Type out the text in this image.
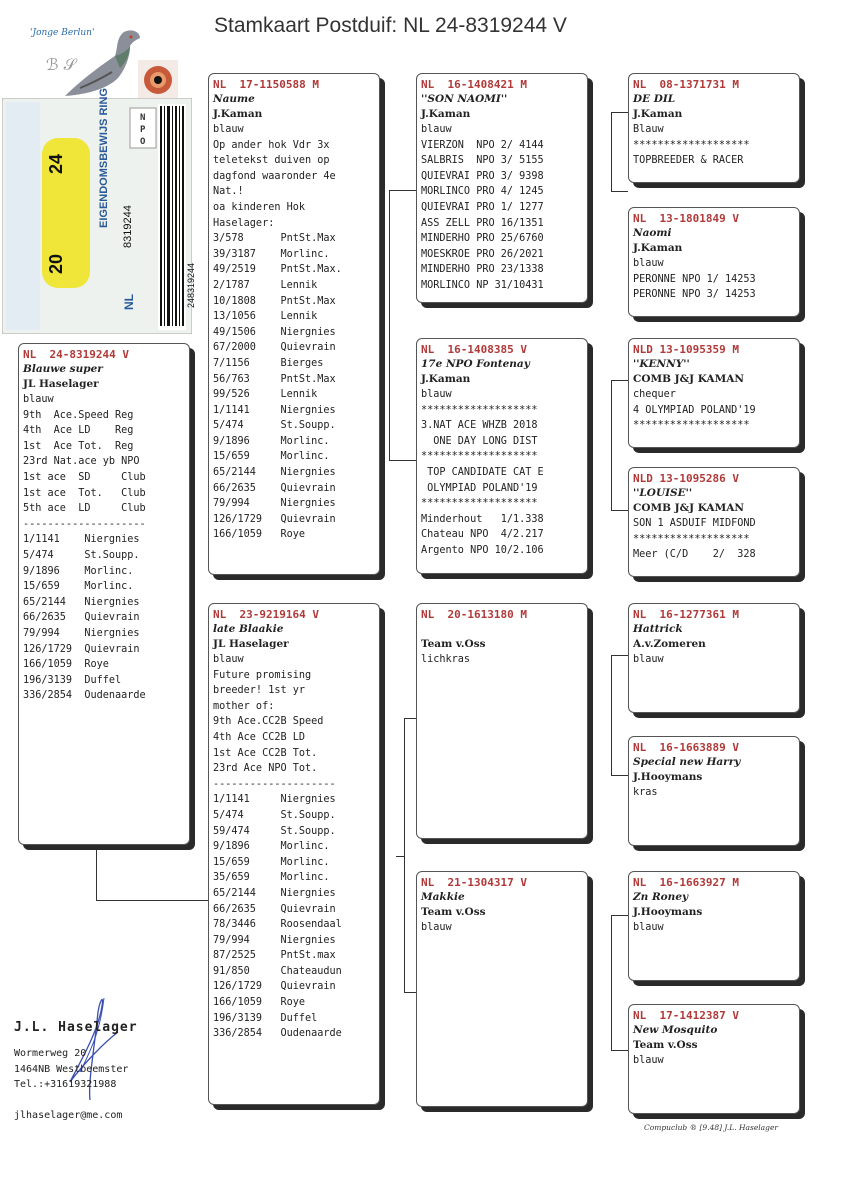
Stamkaart Postduif: NL 24-8319244 V
'Jonge Berlun'
ℬ 𝒮
N
P
O
EIGENDOMSBEWIJS RING
20
24
8319244
248319244
NL
NL  24-8319244 V
Blauwe super
JL Haselager
blauw
9th  Ace.Speed Reg
4th  Ace LD    Reg
1st  Ace Tot.  Reg
23rd Nat.ace yb NPO
1st ace  SD     Club
1st ace  Tot.   Club
5th ace  LD     Club
--------------------
1/1141    Niergnies
5/474     St.Soupp.
9/1896    Morlinc.
15/659    Morlinc.
65/2144   Niergnies
66/2635   Quievrain
79/994    Niergnies
126/1729  Quievrain
166/1059  Roye
196/3139  Duffel
336/2854  Oudenaarde
NL  17-1150588 M
Naume
J.Kaman
blauw
Op ander hok Vdr 3x
teletekst duiven op
dagfond waaronder 4e
Nat.!
oa kinderen Hok
Haselager:
3/578      PntSt.Max
39/3187    Morlinc.
49/2519    PntSt.Max.
2/1787     Lennik
10/1808    PntSt.Max
13/1056    Lennik
49/1506    Niergnies
67/2000    Quievrain
7/1156     Bierges
56/763     PntSt.Max
99/526     Lennik
1/1141     Niergnies
5/474      St.Soupp.
9/1896     Morlinc.
15/659     Morlinc.
65/2144    Niergnies
66/2635    Quievrain
79/994     Niergnies
126/1729   Quievrain
166/1059   Roye
NL  23-9219164 V
late Blaakie
JL Haselager
blauw
Future promising
breeder! 1st yr
mother of:
9th Ace.CC2B Speed
4th Ace CC2B LD
1st Ace CC2B Tot.
23rd Ace NPO Tot.
--------------------
1/1141     Niergnies
5/474      St.Soupp.
59/474     St.Soupp.
9/1896     Morlinc.
15/659     Morlinc.
35/659     Morlinc.
65/2144    Niergnies
66/2635    Quievrain
78/3446    Roosendaal
79/994     Niergnies
87/2525    PntSt.max
91/850     Chateaudun
126/1729   Quievrain
166/1059   Roye
196/3139   Duffel
336/2854   Oudenaarde
NL  16-1408421 M
''SON NAOMI''
J.Kaman
blauw
VIERZON  NPO 2/ 4144
SALBRIS  NPO 3/ 5155
QUIEVRAI PRO 3/ 9398
MORLINCO PRO 4/ 1245
QUIEVRAI PRO 1/ 1277
ASS ZELL PRO 16/1351
MINDERHO PRO 25/6760
MOESKROE PRO 26/2021
MINDERHO PRO 23/1338
MORLINCO NP 31/10431
NL  16-1408385 V
17e NPO Fontenay
J.Kaman
blauw
*******************
3.NAT ACE WHZB 2018
ONE DAY LONG DIST
*******************
TOP CANDIDATE CAT E
OLYMPIAD POLAND'19
*******************
Minderhout   1/1.338
Chateau NPO  4/2.217
Argento NPO 10/2.106
NL  20-1613180 M
Team v.Oss
lichkras
NL  21-1304317 V
Makkie
Team v.Oss
blauw
NL  08-1371731 M
DE DIL
J.Kaman
Blauw
*******************
TOPBREEDER & RACER
NL  13-1801849 V
Naomi
J.Kaman
blauw
PERONNE NPO 1/ 14253
PERONNE NPO 3/ 14253
NLD 13-1095359 M
''KENNY''
COMB J&J KAMAN
chequer
4 OLYMPIAD POLAND'19
*******************
NLD 13-1095286 V
''LOUISE''
COMB J&J KAMAN
SON 1 ASDUIF MIDFOND
*******************
Meer (C/D    2/  328
NL  16-1277361 M
Hattrick
A.v.Zomeren
blauw
NL  16-1663889 V
Special new Harry
J.Hooymans
kras
NL  16-1663927 M
Zn Roney
J.Hooymans
blauw
NL  17-1412387 V
New Mosquito
Team v.Oss
blauw
J.L. Haselager
Wormerweg 20
1464NB Westbeemster
Tel.:+31619321988
jlhaselager@me.com
Compuclub ® [9.48] J.L. Haselager
